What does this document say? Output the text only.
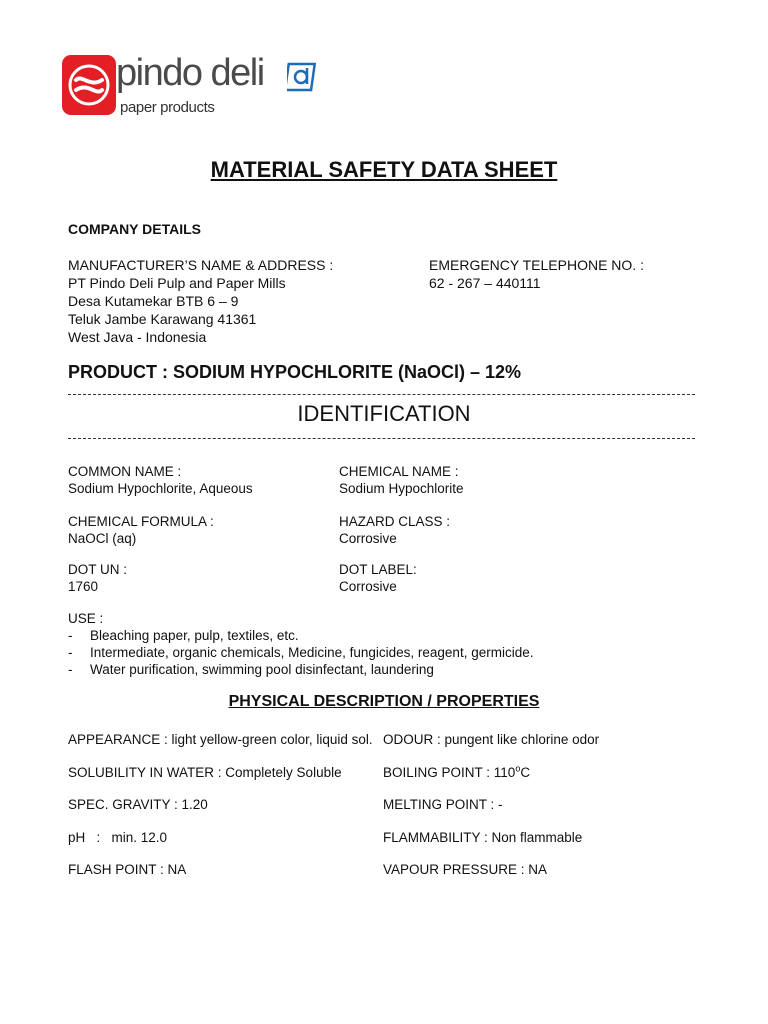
pindo deli
paper products
MATERIAL SAFETY DATA SHEET
COMPANY DETAILS
MANUFACTURER’S NAME & ADDRESS :
PT Pindo Deli Pulp and Paper Mills
Desa Kutamekar BTB 6 – 9
Teluk Jambe Karawang 41361
West Java - Indonesia
EMERGENCY TELEPHONE NO. :
62 - 267 – 440111
PRODUCT : SODIUM HYPOCHLORITE (NaOCl) – 12%
IDENTIFICATION
COMMON NAME :
Sodium Hypochlorite, Aqueous
CHEMICAL NAME :
Sodium Hypochlorite
CHEMICAL FORMULA :
NaOCl (aq)
HAZARD CLASS :
Corrosive
DOT UN :
1760
DOT LABEL:
Corrosive
USE :
- Bleaching paper, pulp, textiles, etc.
- Intermediate, organic chemicals, Medicine, fungicides, reagent, germicide.
- Water purification, swimming pool disinfectant, laundering
PHYSICAL DESCRIPTION / PROPERTIES
APPEARANCE : light yellow-green color, liquid sol. ODOUR : pungent like chlorine odor
SOLUBILITY IN WATER : Completely Soluble	BOILING POINT : 110$^o$C
SPEC. GRAVITY : 1.20	MELTING POINT : -
pH   :   min. 12.0	FLAMMABILITY : Non flammable
FLASH POINT : NA	VAPOUR PRESSURE : NA
